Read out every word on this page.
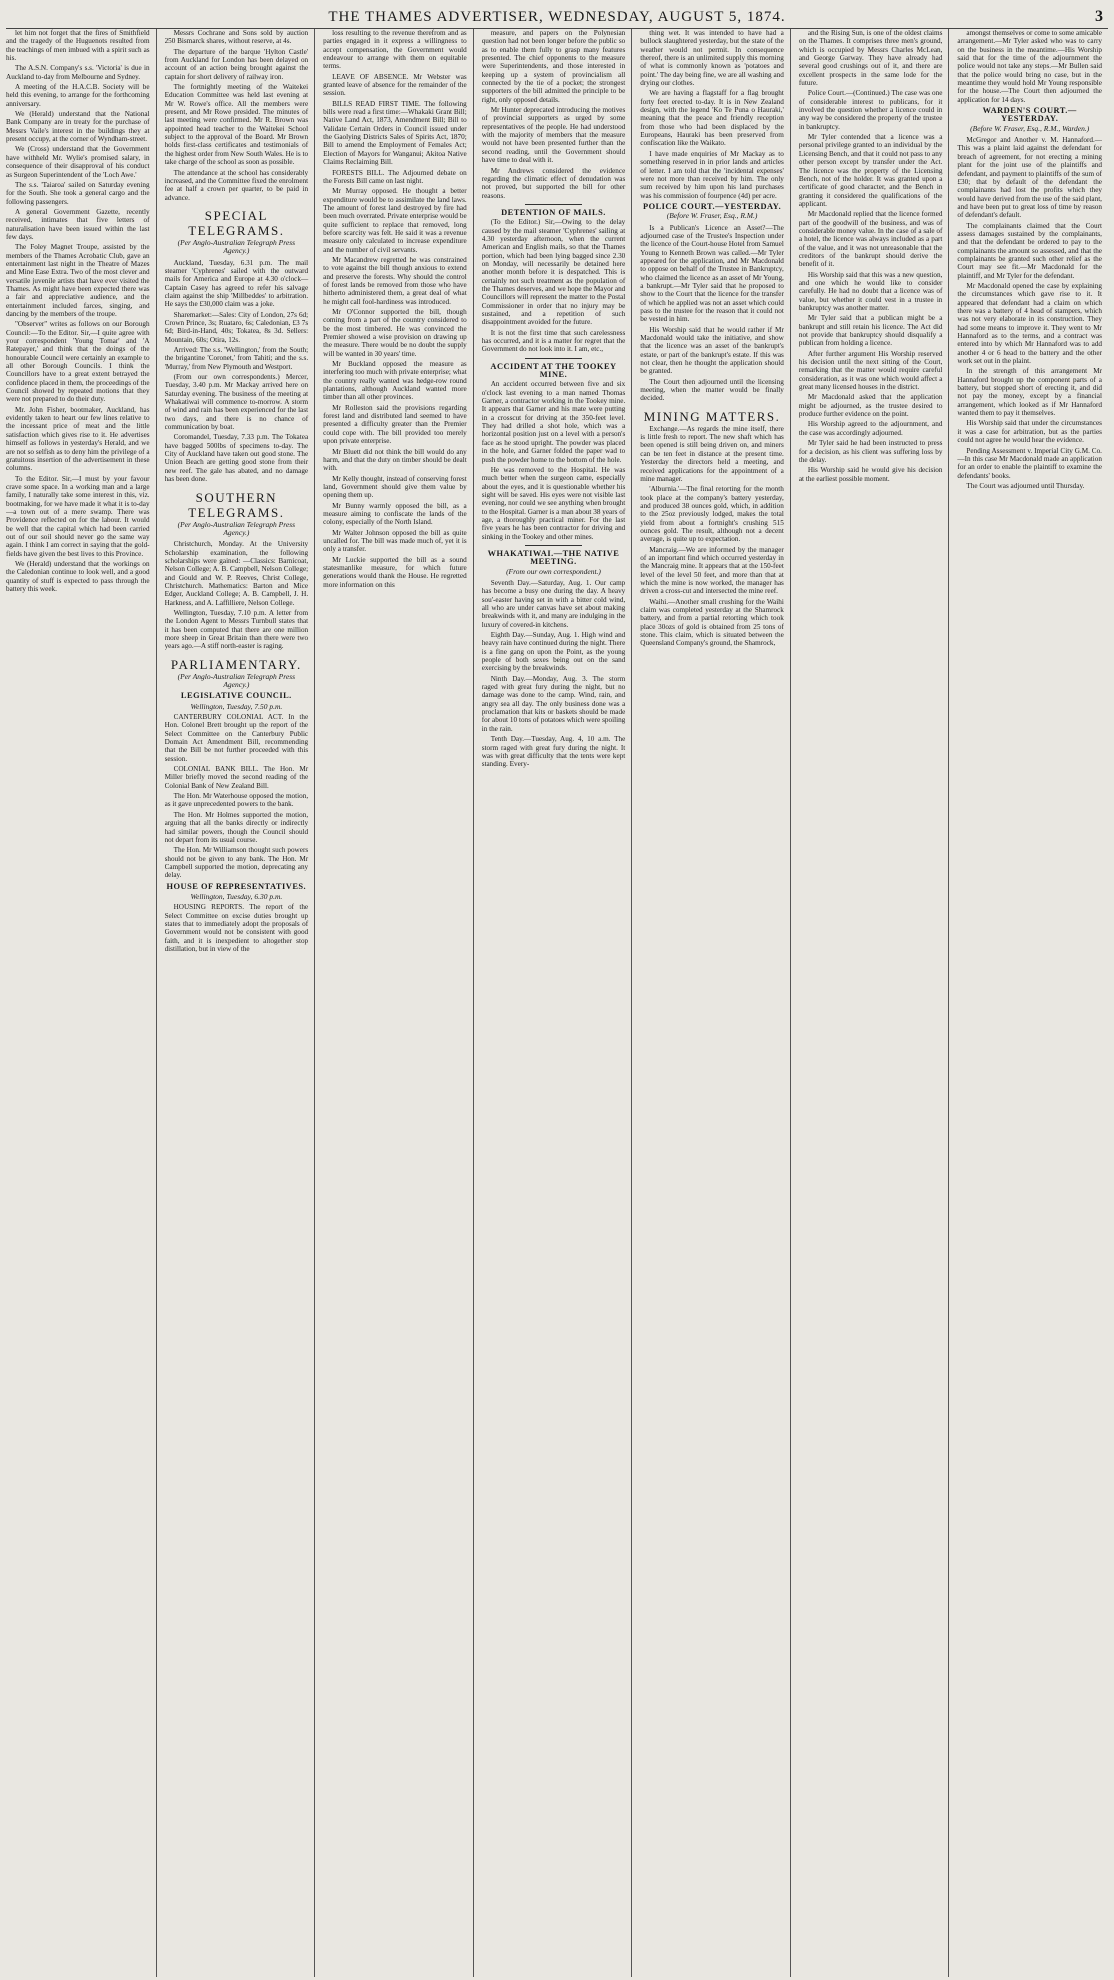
THE THAMES ADVERTISER, WEDNESDAY, AUGUST 5, 1874.	3

let him not forget that the fires of Smithfield and the tragedy of the Huguenots resulted from the teachings of men imbued with a spirit such as his.

The A.S.N. Company's s.s. 'Victoria' is due in Auckland to-day from Melbourne and Sydney.

A meeting of the H.A.C.B. Society will be held this evening, to arrange for the forthcoming anniversary.

We (Herald) understand that the National Bank Company are in treaty for the purchase of Messrs Vaile's interest in the buildings they at present occupy, at the corner of Wyndham-street.

We (Cross) understand that the Government have withheld Mr. Wylie's promised salary, in consequence of their disapproval of his conduct as Surgeon Superintendent of the 'Loch Awe.'

The s.s. 'Taiaroa' sailed on Saturday evening for the South. She took a general cargo and the following passengers.

A general Government Gazette, recently received, intimates that five letters of naturalisation have been issued within the last few days.

The Foley Magnet Troupe, assisted by the members of the Thames Acrobatic Club, gave an entertainment last night in the Theatre of Mazes and Mine Ease Extra. Two of the most clever and versatile juvenile artists that have ever visited the Thames. As might have been expected there was a fair and appreciative audience, and the entertainment included farces, singing, and dancing by the members of the troupe.

"Observer" writes as follows on our Borough Council:—To the Editor. Sir,—I quite agree with your correspondent 'Young Tomar' and 'A Ratepayer,' and think that the doings of the honourable Council were certainly an example to all other Borough Councils. I think the Councillors have to a great extent betrayed the confidence placed in them, the proceedings of the Council showed by repeated motions that they were not prepared to do their duty.

Mr. John Fisher, bootmaker, Auckland, has evidently taken to heart our few lines relative to the incessant price of meat and the little satisfaction which gives rise to it. He advertises himself as follows in yesterday's Herald, and we are not so selfish as to deny him the privilege of a gratuitous insertion of the advertisement in these columns.

To the Editor. Sir,—I must by your favour crave some space. In a working man and a large family, I naturally take some interest in this, viz. bootmaking, for we have made it what it is to-day—a town out of a mere swamp. There was Providence reflected on for the labour. It would be well that the capital which had been carried out of our soil should never go the same way again. I think I am correct in saying that the gold-fields have given the best lives to this Province.

We (Herald) understand that the workings on the Caledonian continue to look well, and a good quantity of stuff is expected to pass through the battery this week.

Messrs Cochrane and Sons sold by auction 250 Bismarck shares, without reserve, at 4s.

The departure of the barque 'Hylton Castle' from Auckland for London has been delayed on account of an action being brought against the captain for short delivery of railway iron.

The fortnightly meeting of the Waitekei Education Committee was held last evening at Mr W. Rowe's office. All the members were present, and Mr Rowe presided. The minutes of last meeting were confirmed. Mr R. Brown was appointed head teacher to the Waitekei School subject to the approval of the Board. Mr Brown holds first-class certificates and testimonials of the highest order from New South Wales. He is to take charge of the school as soon as possible.

The attendance at the school has considerably increased, and the Committee fixed the enrolment fee at half a crown per quarter, to be paid in advance.

SPECIAL TELEGRAMS.
(Per Anglo-Australian Telegraph Press Agency.)

Auckland, Tuesday, 6.31 p.m. The mail steamer 'Cyphrenes' sailed with the outward mails for America and Europe at 4.30 o'clock—Captain Casey has agreed to refer his salvage claim against the ship 'Millbeddes' to arbitration. He says the £30,000 claim was a joke.

Sharemarket:—Sales: City of London, 27s 6d; Crown Prince, 3s; Ruataro, 6s; Caledonian, £3 7s 6d; Bird-in-Hand, 40s; Tokatea, 8s 3d. Sellers: Mountain, 60s; Otira, 12s.

Arrived: The s.s. 'Wellington,' from the South; the brigantine 'Coronet,' from Tahiti; and the s.s. 'Murray,' from New Plymouth and Westport.

(From our own correspondents.) Mercer, Tuesday, 3.40 p.m. Mr Mackay arrived here on Saturday evening. The business of the meeting at Whakatiwai will commence to-morrow. A storm of wind and rain has been experienced for the last two days, and there is no chance of communication by boat.

Coromandel, Tuesday, 7.33 p.m. The Tokatea have bagged 500lbs of specimens to-day. The City of Auckland have taken out good stone. The Union Beach are getting good stone from their new reef. The gale has abated, and no damage has been done.

SOUTHERN TELEGRAMS.
(Per Anglo-Australian Telegraph Press Agency.)

Christchurch, Monday. At the University Scholarship examination, the following scholarships were gained: —Classics: Barnicoat, Nelson College; A. B. Campbell, Nelson College; and Gould and W. P. Reeves, Christ College, Christchurch. Mathematics: Barton and Mice Edger, Auckland College; A. B. Campbell, J. H. Harkness, and A. Laffilliere, Nelson College.

Wellington, Tuesday, 7.10 p.m. A letter from the London Agent to Messrs Turnbull states that it has been computed that there are one million more sheep in Great Britain than there were two years ago.—A stiff north-easter is raging.

PARLIAMENTARY.
(Per Anglo-Australian Telegraph Press Agency.)
LEGISLATIVE COUNCIL.
Wellington, Tuesday, 7.50 p.m.

CANTERBURY COLONIAL ACT. In the Hon. Colonel Brett brought up the report of the Select Committee on the Canterbury Public Domain Act Amendment Bill, recommending that the Bill be not further proceeded with this session.

COLONIAL BANK BILL. The Hon. Mr Miller briefly moved the second reading of the Colonial Bank of New Zealand Bill.

The Hon. Mr Waterhouse opposed the motion, as it gave unprecedented powers to the bank.

The Hon. Mr Holmes supported the motion, arguing that all the banks directly or indirectly had similar powers, though the Council should not depart from its usual course.

The Hon. Mr Williamson thought such powers should not be given to any bank. The Hon. Mr Campbell supported the motion, deprecating any delay.

HOUSE OF REPRESENTATIVES.
Wellington, Tuesday, 6.30 p.m.

HOUSING REPORTS. The report of the Select Committee on excise duties brought up states that to immediately adopt the proposals of Government would not be consistent with good faith, and it is inexpedient to altogether stop distillation, but in view of the

loss resulting to the revenue therefrom and as parties engaged in it express a willingness to accept compensation, the Government would endeavour to arrange with them on equitable terms.

LEAVE OF ABSENCE. Mr Webster was granted leave of absence for the remainder of the session.

BILLS READ FIRST TIME. The following bills were read a first time:—Whakaki Grant Bill; Native Land Act, 1873, Amendment Bill; Bill to Validate Certain Orders in Council issued under the Gaolying Districts Sales of Spirits Act, 1870; Bill to amend the Employment of Females Act; Election of Mayors for Wanganui; Akitoa Native Claims Reclaiming Bill.

FORESTS BILL. The Adjourned debate on the Forests Bill came on last night.

Mr Murray opposed. He thought a better expenditure would be to assimilate the land laws. The amount of forest land destroyed by fire had been much overrated. Private enterprise would be quite sufficient to replace that removed, long before scarcity was felt. He said it was a revenue measure only calculated to increase expenditure and the number of civil servants.

Mr Macandrew regretted he was constrained to vote against the bill though anxious to extend and preserve the forests. Why should the control of forest lands be removed from those who have hitherto administered them, a great deal of what he might call fool-hardiness was introduced.

Mr O'Connor supported the bill, though coming from a part of the country considered to be the most timbered. He was convinced the Premier showed a wise provision on drawing up the measure. There would be no doubt the supply will be wanted in 30 years' time.

Mr Buckland opposed the measure as interfering too much with private enterprise; what the country really wanted was hedge-row round plantations, although Auckland wanted more timber than all other provinces.

Mr Rolleston said the provisions regarding forest land and distributed land seemed to have presented a difficulty greater than the Premier could cope with. The bill provided too merely upon private enterprise.

Mr Bluett did not think the bill would do any harm, and that the duty on timber should be dealt with.

Mr Kelly thought, instead of conserving forest land, Government should give them value by opening them up.

Mr Bunny warmly opposed the bill, as a measure aiming to confiscate the lands of the colony, especially of the North Island.

Mr Walter Johnson opposed the bill as quite uncalled for. The bill was made much of, yet it is only a transfer.

Mr Luckie supported the bill as a sound statesmanlike measure, for which future generations would thank the House. He regretted more information on this

measure, and papers on the Polynesian question had not been longer before the public so as to enable them fully to grasp many features presented. The chief opponents to the measure were Superintendents, and those interested in keeping up a system of provincialism all connected by the tie of a pocket; the strongest supporters of the bill admitted the principle to be right, only opposed details.

Mr Hunter deprecated introducing the motives of provincial supporters as urged by some representatives of the people. He had understood with the majority of members that the measure would not have been presented further than the second reading, until the Government should have time to deal with it.

Mr Andrews considered the evidence regarding the climatic effect of denudation was not proved, but supported the bill for other reasons.

DETENTION OF MAILS.

(To the Editor.) Sir,—Owing to the delay caused by the mail steamer 'Cyphrenes' sailing at 4.30 yesterday afternoon, when the current American and English mails, so that the Thames portion, which had been lying bagged since 2.30 on Monday, will necessarily be detained here another month before it is despatched. This is certainly not such treatment as the population of the Thames deserves, and we hope the Mayor and Councillors will represent the matter to the Postal Commissioner in order that no injury may be sustained, and a repetition of such disappointment avoided for the future.

It is not the first time that such carelessness has occurred, and it is a matter for regret that the Government do not look into it. I am, etc.,

ACCIDENT AT THE TOOKEY MINE.

An accident occurred between five and six o'clock last evening to a man named Thomas Garner, a contractor working in the Tookey mine. It appears that Garner and his mate were putting in a crosscut for driving at the 350-feet level. They had drilled a shot hole, which was a horizontal position just on a level with a person's face as he stood upright. The powder was placed in the hole, and Garner folded the paper wad to push the powder home to the bottom of the hole.

He was removed to the Hospital. He was much better when the surgeon came, especially about the eyes, and it is questionable whether his sight will be saved. His eyes were not visible last evening, nor could we see anything when brought to the Hospital. Garner is a man about 38 years of age, a thoroughly practical miner. For the last five years he has been contractor for driving and sinking in the Tookey and other mines.

WHAKATIWAI.—THE NATIVE MEETING.
(From our own correspondent.)

Seventh Day.—Saturday, Aug. 1. Our camp has become a busy one during the day. A heavy sou'-easter having set in with a bitter cold wind, all who are under canvas have set about making breakwinds with it, and many are indulging in the luxury of covered-in kitchens.

Eighth Day.—Sunday, Aug. 1. High wind and heavy rain have continued during the night. There is a fine gang on upon the Point, as the young people of both sexes being out on the sand exercising by the breakwinds.

Ninth Day.—Monday, Aug. 3. The storm raged with great fury during the night, but no damage was done to the camp. Wind, rain, and angry sea all day. The only business done was a proclamation that kits or baskets should be made for about 10 tons of potatoes which were spoiling in the rain.

Tenth Day.—Tuesday, Aug. 4, 10 a.m. The storm raged with great fury during the night. It was with great difficulty that the tents were kept standing. Every-

thing wet. It was intended to have had a bullock slaughtered yesterday, but the state of the weather would not permit. In consequence thereof, there is an unlimited supply this morning of what is commonly known as 'potatoes and point.' The day being fine, we are all washing and drying our clothes.

We are having a flagstaff for a flag brought forty feet erected to-day. It is in New Zealand design, with the legend 'Ko Te Puna o Hauraki,' meaning that the peace and friendly reception from those who had been displaced by the Europeans, Hauraki has been preserved from confiscation like the Waikato.

I have made enquiries of Mr Mackay as to something reserved in in prior lands and articles of letter. I am told that the 'incidental expenses' were not more than received by him. The only sum received by him upon his land purchases was his commission of fourpence (4d) per acre.

POLICE COURT.—YESTERDAY.
(Before W. Fraser, Esq., R.M.)

Is a Publican's Licence an Asset?—The adjourned case of the Trustee's Inspection under the licence of the Court-house Hotel from Samuel Young to Kenneth Brown was called.—Mr Tyler appeared for the application, and Mr Macdonald to oppose on behalf of the Trustee in Bankruptcy, who claimed the licence as an asset of Mr Young, a bankrupt.—Mr Tyler said that he proposed to show to the Court that the licence for the transfer of which he applied was not an asset which could pass to the trustee for the reason that it could not be vested in him.

His Worship said that he would rather if Mr Macdonald would take the initiative, and show that the licence was an asset of the bankrupt's estate, or part of the bankrupt's estate. If this was not clear, then he thought the application should be granted.

The Court then adjourned until the licensing meeting, when the matter would be finally decided.

MINING MATTERS.

Exchange.—As regards the mine itself, there is little fresh to report. The new shaft which has been opened is still being driven on, and miners can be ten feet in distance at the present time. Yesterday the directors held a meeting, and received applications for the appointment of a mine manager.

'Alburnia.'—The final retorting for the month took place at the company's battery yesterday, and produced 38 ounces gold, which, in addition to the 25oz previously lodged, makes the total yield from about a fortnight's crushing 515 ounces gold. The result, although not a decent average, is quite up to expectation.

Mancraig.—We are informed by the manager of an important find which occurred yesterday in the Mancraig mine. It appears that at the 150-feet level of the level 50 feet, and more than that at which the mine is now worked, the manager has driven a cross-cut and intersected the mine reef.

Waihi.—Another small crushing for the Waihi claim was completed yesterday at the Shamrock battery, and from a partial retorting which took place 30ozs of gold is obtained from 25 tons of stone. This claim, which is situated between the Queensland Company's ground, the Shamrock,

and the Rising Sun, is one of the oldest claims on the Thames. It comprises three men's ground, which is occupied by Messrs Charles McLean, and George Garway. They have already had several good crushings out of it, and there are excellent prospects in the same lode for the future.

Police Court.—(Continued.) The case was one of considerable interest to publicans, for it involved the question whether a licence could in any way be considered the property of the trustee in bankruptcy.

Mr Tyler contended that a licence was a personal privilege granted to an individual by the Licensing Bench, and that it could not pass to any other person except by transfer under the Act. The licence was the property of the Licensing Bench, not of the holder. It was granted upon a certificate of good character, and the Bench in granting it considered the qualifications of the applicant.

Mr Macdonald replied that the licence formed part of the goodwill of the business, and was of considerable money value. In the case of a sale of a hotel, the licence was always included as a part of the value, and it was not unreasonable that the creditors of the bankrupt should derive the benefit of it.

His Worship said that this was a new question, and one which he would like to consider carefully. He had no doubt that a licence was of value, but whether it could vest in a trustee in bankruptcy was another matter.

Mr Tyler said that a publican might be a bankrupt and still retain his licence. The Act did not provide that bankruptcy should disqualify a publican from holding a licence.

After further argument His Worship reserved his decision until the next sitting of the Court, remarking that the matter would require careful consideration, as it was one which would affect a great many licensed houses in the district.

Mr Macdonald asked that the application might be adjourned, as the trustee desired to produce further evidence on the point.

His Worship agreed to the adjournment, and the case was accordingly adjourned.

Mr Tyler said he had been instructed to press for a decision, as his client was suffering loss by the delay.

His Worship said he would give his decision at the earliest possible moment.

amongst themselves or come to some amicable arrangement.—Mr Tyler asked who was to carry on the business in the meantime.—His Worship said that for the time of the adjournment the police would not take any steps.—Mr Bullen said that the police would bring no case, but in the meantime they would hold Mr Young responsible for the house.—The Court then adjourned the application for 14 days.

WARDEN'S COURT.—YESTERDAY.
(Before W. Fraser, Esq., R.M., Warden.)

McGregor and Another v. M. Hannaford.—This was a plaint laid against the defendant for breach of agreement, for not erecting a mining plant for the joint use of the plaintiffs and defendant, and payment to plaintiffs of the sum of £30; that by default of the defendant the complainants had lost the profits which they would have derived from the use of the said plant, and have been put to great loss of time by reason of defendant's default.

The complainants claimed that the Court assess damages sustained by the complainants, and that the defendant be ordered to pay to the complainants the amount so assessed, and that the complainants be granted such other relief as the Court may see fit.—Mr Macdonald for the plaintiff, and Mr Tyler for the defendant.

Mr Macdonald opened the case by explaining the circumstances which gave rise to it. It appeared that defendant had a claim on which there was a battery of 4 head of stampers, which was not very elaborate in its construction. They had some means to improve it. They went to Mr Hannaford as to the terms, and a contract was entered into by which Mr Hannaford was to add another 4 or 6 head to the battery and the other work set out in the plaint.

In the strength of this arrangement Mr Hannaford brought up the component parts of a battery, but stopped short of erecting it, and did not pay the money, except by a financial arrangement, which looked as if Mr Hannaford wanted them to pay it themselves.

His Worship said that under the circumstances it was a case for arbitration, but as the parties could not agree he would hear the evidence.

Pending Assessment v. Imperial City G.M. Co.—In this case Mr Macdonald made an application for an order to enable the plaintiff to examine the defendants' books.

The Court was adjourned until Thursday.
